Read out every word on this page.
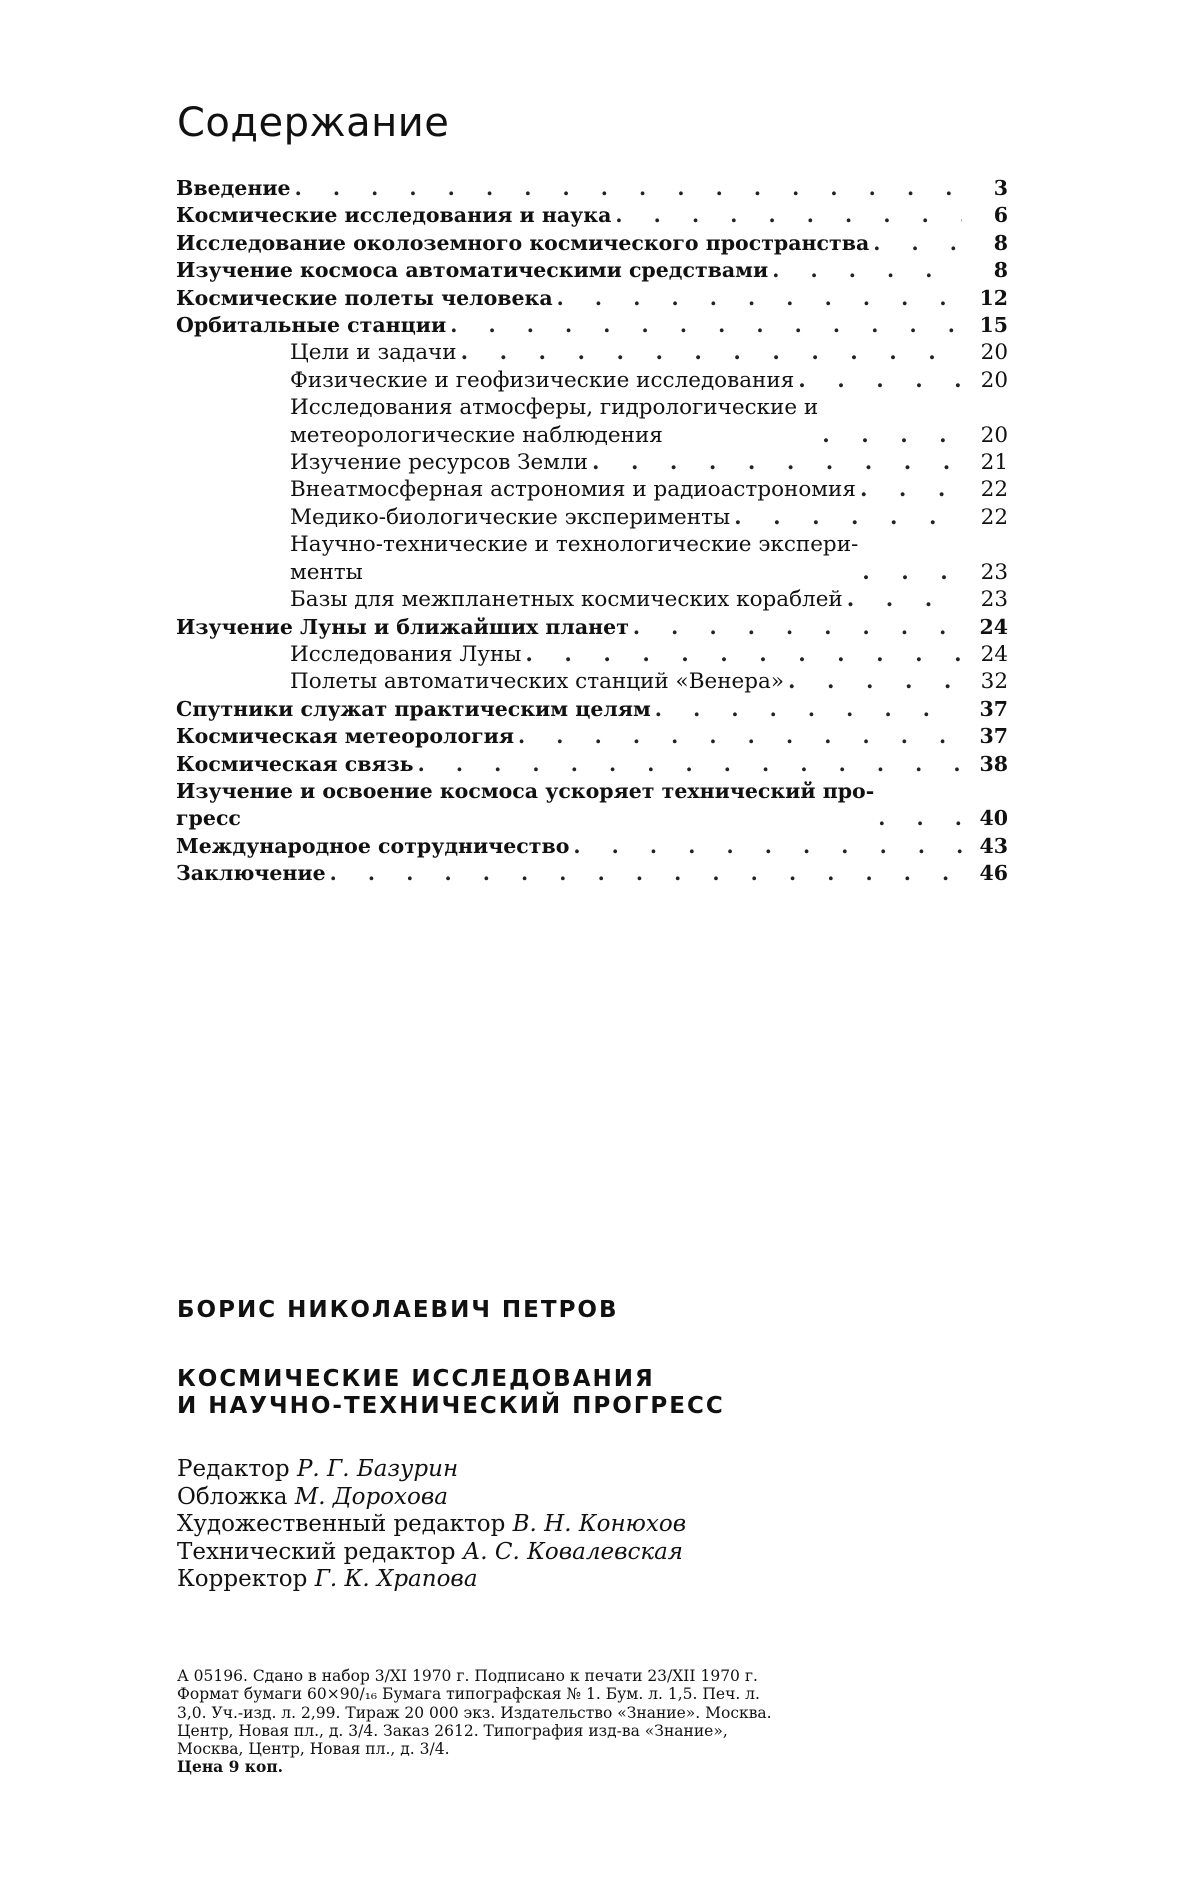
Содержание
Введение . . .	3
Космические исследования и наука . . .	6
Исследование околоземного космического пространства . . .	8
Изучение космоса автоматическими средствами . . .	8
Космические полеты человека . . .	12
Орбитальные станции . . .	15
Цели и задачи . . .	20
Физические и геофизические исследования . . .	20
Исследования атмосферы, гидрологические и
метеорологические наблюдения . . .	20
Изучение ресурсов Земли . . .	21
Внеатмосферная астрономия и радиоастрономия . . .	22
Медико-биологические эксперименты . . .	22
Научно-технические и технологические экспери-
менты . . .	23
Базы для межпланетных космических кораблей . . .	23
Изучение Луны и ближайших планет . . .	24
Исследования Луны . . .	24
Полеты автоматических станций «Венера» . . .	32
Спутники служат практическим целям . . .	37
Космическая метеорология . . .	37
Космическая связь . . .	38
Изучение и освоение космоса ускоряет технический про-
гресс . . .	40
Международное сотрудничество . . .	43
Заключение . . .	46
БОРИС НИКОЛАЕВИЧ ПЕТРОВ
КОСМИЧЕСКИЕ ИССЛЕДОВАНИЯ
И НАУЧНО-ТЕХНИЧЕСКИЙ ПРОГРЕСС
Редактор Р. Г. Базурин
Обложка М. Дорохова
Художественный редактор В. Н. Конюхов
Технический редактор А. С. Ковалевская
Корректор Г. К. Храпова
А 05196. Сдано в набор 3/XI 1970 г. Подписано к печати 23/XII 1970 г.
Формат бумаги 60×90/₁₆ Бумага типографская № 1. Бум. л. 1,5. Печ. л.
3,0. Уч.-изд. л. 2,99. Тираж 20 000 экз. Издательство «Знание». Москва.
Центр, Новая пл., д. 3/4. Заказ 2612. Типография изд-ва «Знание»,
Москва, Центр, Новая пл., д. 3/4.
Цена 9 коп.
